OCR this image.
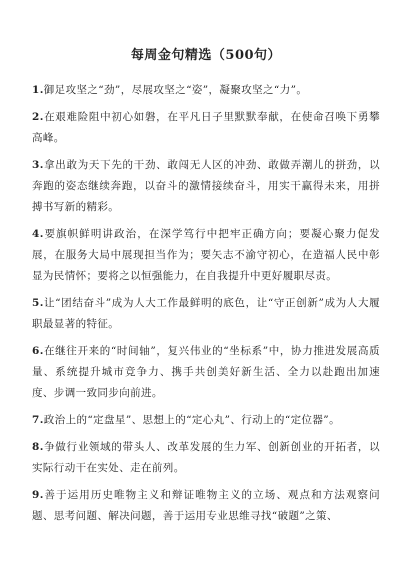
每周金句精选（500句）

1.御足攻坚之“劲”，尽展攻坚之“姿”，凝聚攻坚之“力”。

2.在艰难险阻中初心如磐，在平凡日子里默默奉献，在使命召唤下勇攀高峰。

3.拿出敢为天下先的干劲、敢闯无人区的冲劲、敢做弄潮儿的拼劲，以奔跑的姿态继续奔跑，以奋斗的激情接续奋斗，用实干赢得未来，用拼搏书写新的精彩。

4.要旗帜鲜明讲政治，在深学笃行中把牢正确方向；要凝心聚力促发展，在服务大局中展现担当作为；要矢志不渝守初心，在造福人民中彰显为民情怀；要将之以恒强能力，在自我提升中更好履职尽责。

5.让“团结奋斗”成为人大工作最鲜明的底色，让“守正创新”成为人大履职最显著的特征。

6.在继往开来的“时间轴”，复兴伟业的“坐标系”中，协力推进发展高质量、系统提升城市竞争力、携手共创美好新生活、全力以赴跑出加速度、步调一致同步向前进。

7.政治上的“定盘星”、思想上的“定心丸”、行动上的“定位器”。

8.争做行业领域的带头人、改革发展的生力军、创新创业的开拓者，以实际行动干在实处、走在前列。

9.善于运用历史唯物主义和辩证唯物主义的立场、观点和方法观察问题、思考问题、解决问题，善于运用专业思维寻找“破题”之策、
